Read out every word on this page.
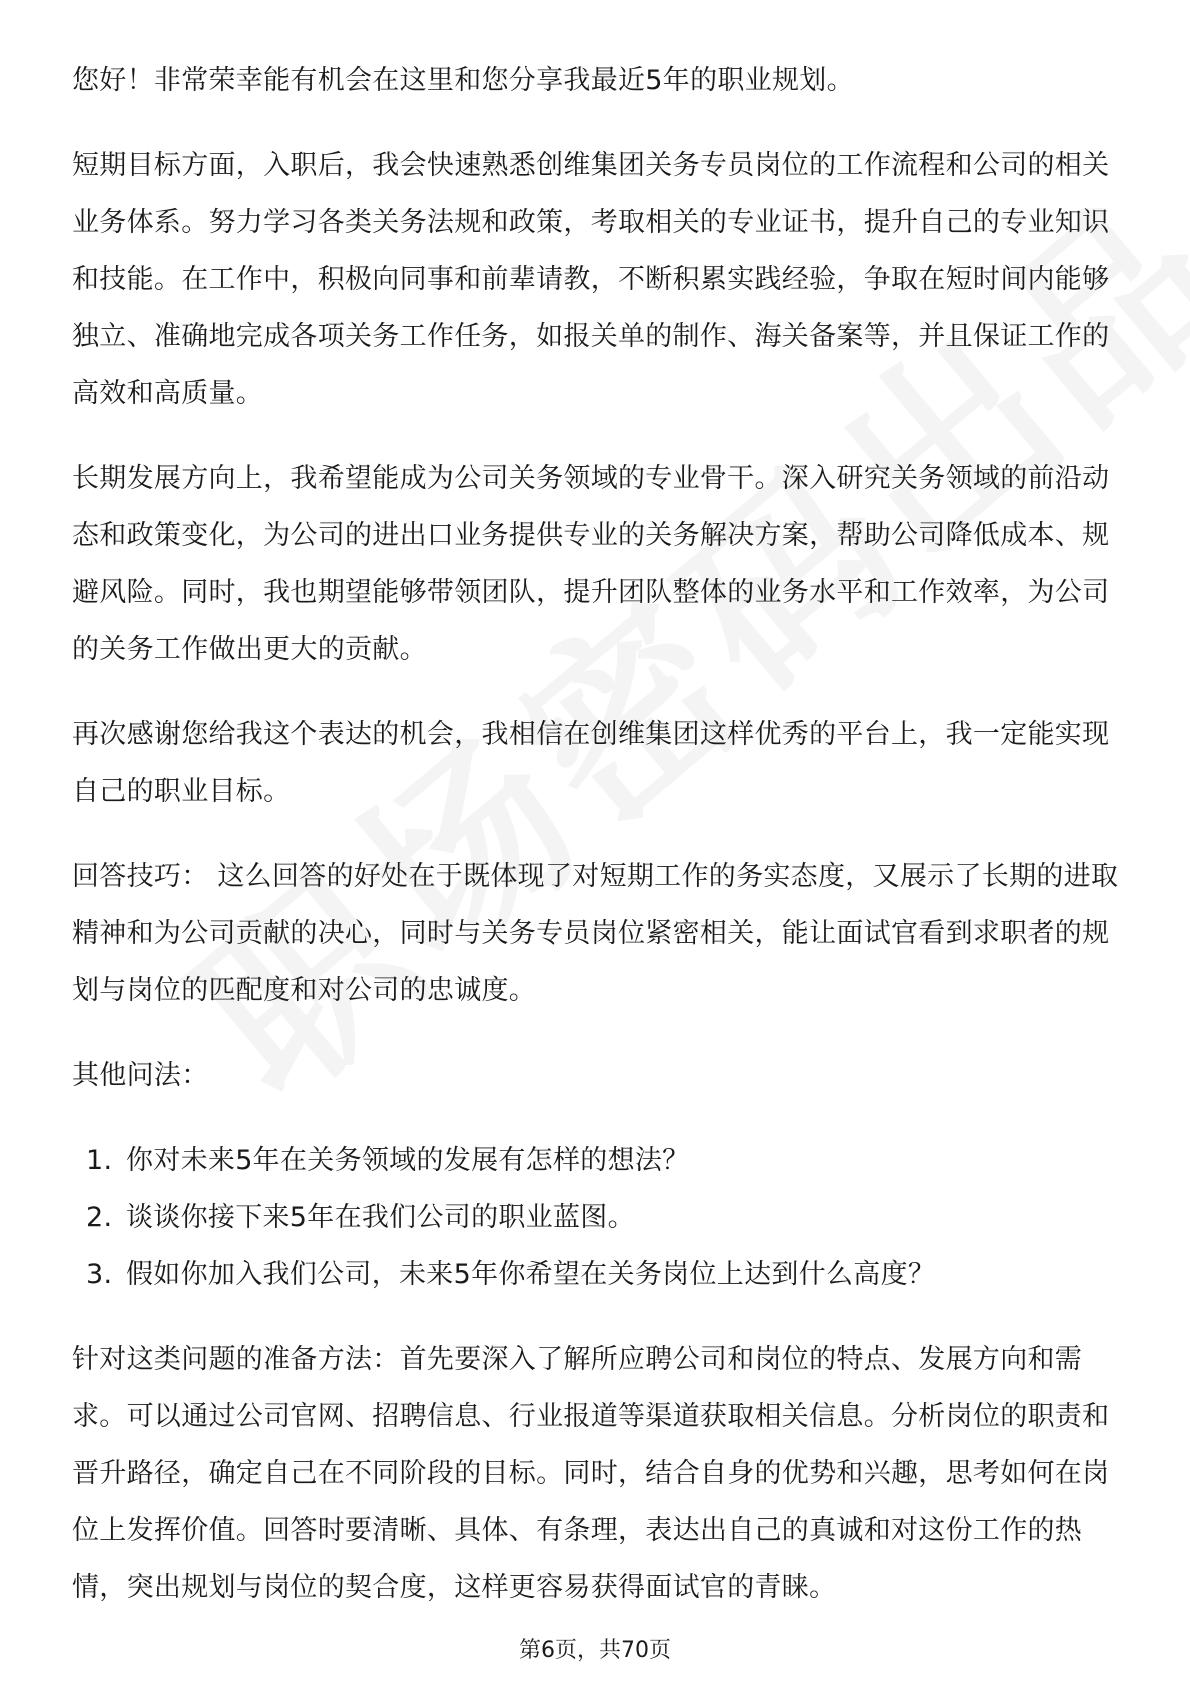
您好！非常荣幸能有机会在这里和您分享我最近5年的职业规划。

短期目标方面，入职后，我会快速熟悉创维集团关务专员岗位的工作流程和公司的相关业务体系。努力学习各类关务法规和政策，考取相关的专业证书，提升自己的专业知识和技能。在工作中，积极向同事和前辈请教，不断积累实践经验，争取在短时间内能够独立、准确地完成各项关务工作任务，如报关单的制作、海关备案等，并且保证工作的高效和高质量。

长期发展方向上，我希望能成为公司关务领域的专业骨干。深入研究关务领域的前沿动态和政策变化，为公司的进出口业务提供专业的关务解决方案，帮助公司降低成本、规避风险。同时，我也期望能够带领团队，提升团队整体的业务水平和工作效率，为公司的关务工作做出更大的贡献。

再次感谢您给我这个表达的机会，我相信在创维集团这样优秀的平台上，我一定能实现自己的职业目标。

回答技巧： 这么回答的好处在于既体现了对短期工作的务实态度，又展示了长期的进取精神和为公司贡献的决心，同时与关务专员岗位紧密相关，能让面试官看到求职者的规划与岗位的匹配度和对公司的忠诚度。

其他问法：

1. 你对未来5年在关务领域的发展有怎样的想法？
2. 谈谈你接下来5年在我们公司的职业蓝图。
3. 假如你加入我们公司，未来5年你希望在关务岗位上达到什么高度？

针对这类问题的准备方法：首先要深入了解所应聘公司和岗位的特点、发展方向和需求。可以通过公司官网、招聘信息、行业报道等渠道获取相关信息。分析岗位的职责和晋升路径，确定自己在不同阶段的目标。同时，结合自身的优势和兴趣，思考如何在岗位上发挥价值。回答时要清晰、具体、有条理，表达出自己的真诚和对这份工作的热情，突出规划与岗位的契合度，这样更容易获得面试官的青睐。

第6页，共70页
